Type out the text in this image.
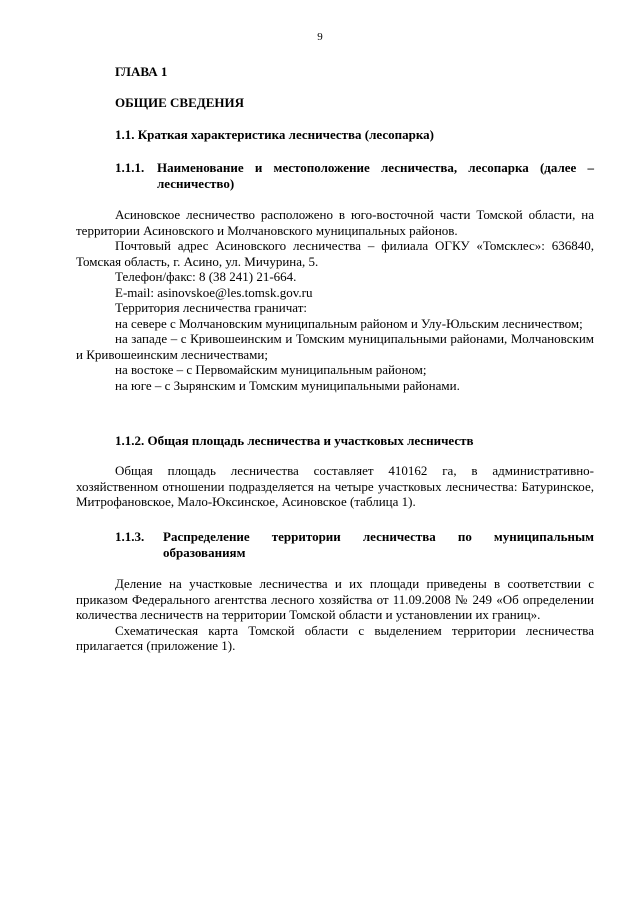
9

ГЛАВА 1

ОБЩИЕ СВЕДЕНИЯ

1.1. Краткая характеристика лесничества (лесопарка)

1.1.1. Наименование и местоположение лесничества, лесопарка (далее – лесничество)

Асиновское лесничество расположено в юго-восточной части Томской области, на территории Асиновского и Молчановского муниципальных районов.

Почтовый адрес Асиновского лесничества – филиала ОГКУ «Томсклес»: 636840, Томская область, г. Асино, ул. Мичурина, 5.

Телефон/факс: 8 (38 241) 21-664.

E-mail: asinovskoe@les.tomsk.gov.ru

Территория лесничества граничат:

на севере с Молчановским муниципальным районом и Улу-Юльским лесничеством;

на западе – с Кривошеинским и Томским муниципальными районами, Молчановским и Кривошеинским лесничествами;

на востоке – с Первомайским муниципальным районом;

на юге – с Зырянским и Томским муниципальными районами.

1.1.2. Общая площадь лесничества и участковых лесничеств

Общая площадь лесничества составляет 410162 га, в административно-хозяйственном отношении подразделяется на четыре участковых лесничества: Батуринское, Митрофановское, Мало-Юксинское, Асиновское (таблица 1).

1.1.3.	Распределение территории лесничества по муниципальным образованиям

Деление на участковые лесничества и их площади приведены в соответствии с приказом Федерального агентства лесного хозяйства от 11.09.2008 № 249 «Об определении количества лесничеств на территории Томской области и установлении их границ».

Схематическая карта Томской области с выделением территории лесничества прилагается (приложение 1).
